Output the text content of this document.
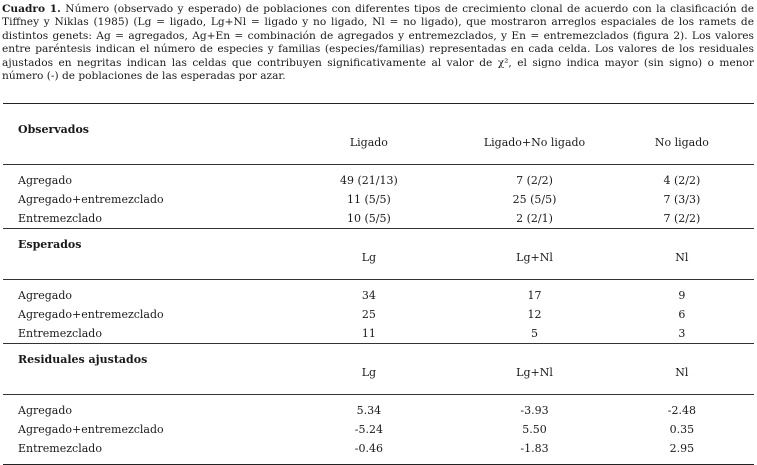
Cuadro 1. Número (observado y esperado) de poblaciones con diferentes tipos de crecimiento clonal de acuerdo con la clasificación de Tiffney y Niklas (1985) (Lg = ligado, Lg+Nl = ligado y no ligado, Nl = no ligado), que mostraron arreglos espaciales de los ramets de distintos genets: Ag = agregados, Ag+En = combinación de agregados y entremezclados, y En = entremezclados (figura 2). Los valores entre paréntesis indican el número de especies y familias (especies/familias) representadas en cada celda. Los valores de los residuales ajustados en negritas indican las celdas que contribuyen significativamente al valor de χ², el signo indica mayor (sin signo) o menor número (-) de poblaciones de las esperadas por azar.

Observados			
	Ligado	Ligado+No ligado	No ligado

Agregado	49 (21/13)	7 (2/2)	4 (2/2)
Agregado+entremezclado	11 (5/5)	25 (5/5)	7 (3/3)
Entremezclado	10 (5/5)	2 (2/1)	7 (2/2)

Esperados			
	Lg	Lg+Nl	Nl

Agregado	34	17	9
Agregado+entremezclado	25	12	6
Entremezclado	11	5	3

Residuales ajustados			
	Lg	Lg+Nl	Nl

Agregado	5.34	-3.93	-2.48
Agregado+entremezclado	-5.24	5.50	0.35
Entremezclado	-0.46	-1.83	2.95
